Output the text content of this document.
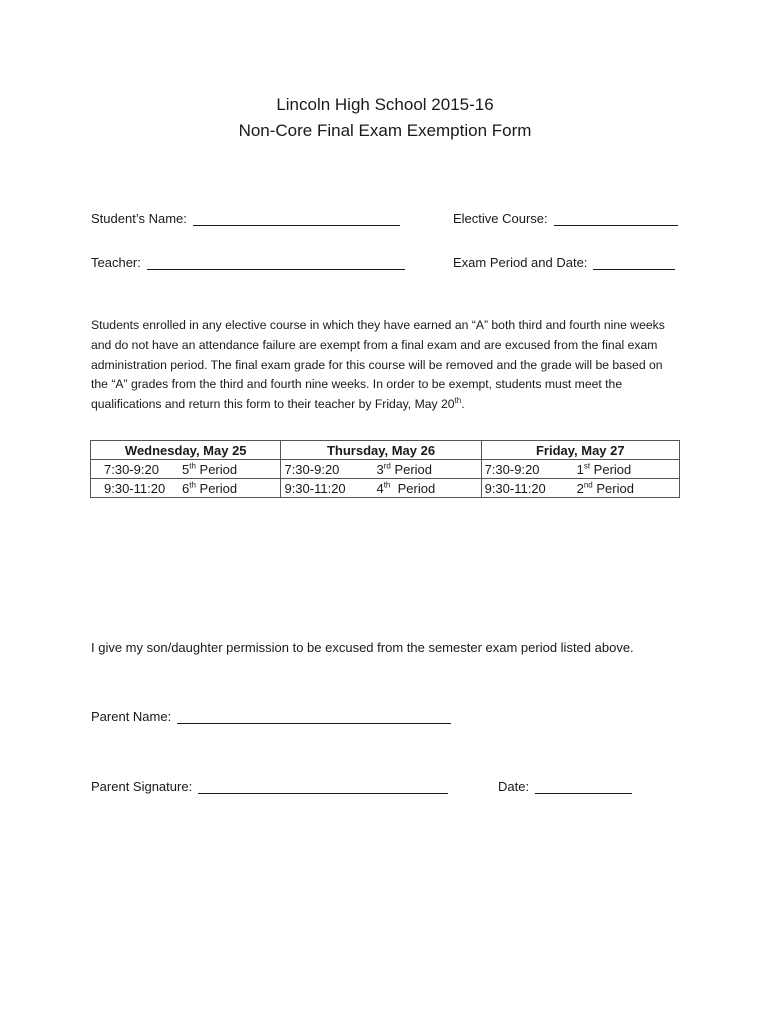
Lincoln High School 2015-16
Non-Core Final Exam Exemption Form
Student’s Name:	Elective Course:
Teacher:	Exam Period and Date:
Students enrolled in any elective course in which they have earned an “A” both third and fourth nine weeks and do not have an attendance failure are exempt from a final exam and are excused from the final exam administration period. The final exam grade for this course will be removed and the grade will be based on the “A” grades from the third and fourth nine weeks. In order to be exempt, students must meet the qualifications and return this form to their teacher by Friday, May 20th.
Wednesday, May 25	Thursday, May 26	Friday, May 27
7:30-9:20 5th Period	7:30-9:20 3rd Period	7:30-9:20 1st Period
9:30-11:20 6th Period	9:30-11:20 4th  Period	9:30-11:20 2nd Period
I give my son/daughter permission to be excused from the semester exam period listed above.
Parent Name:
Parent Signature:	Date:
